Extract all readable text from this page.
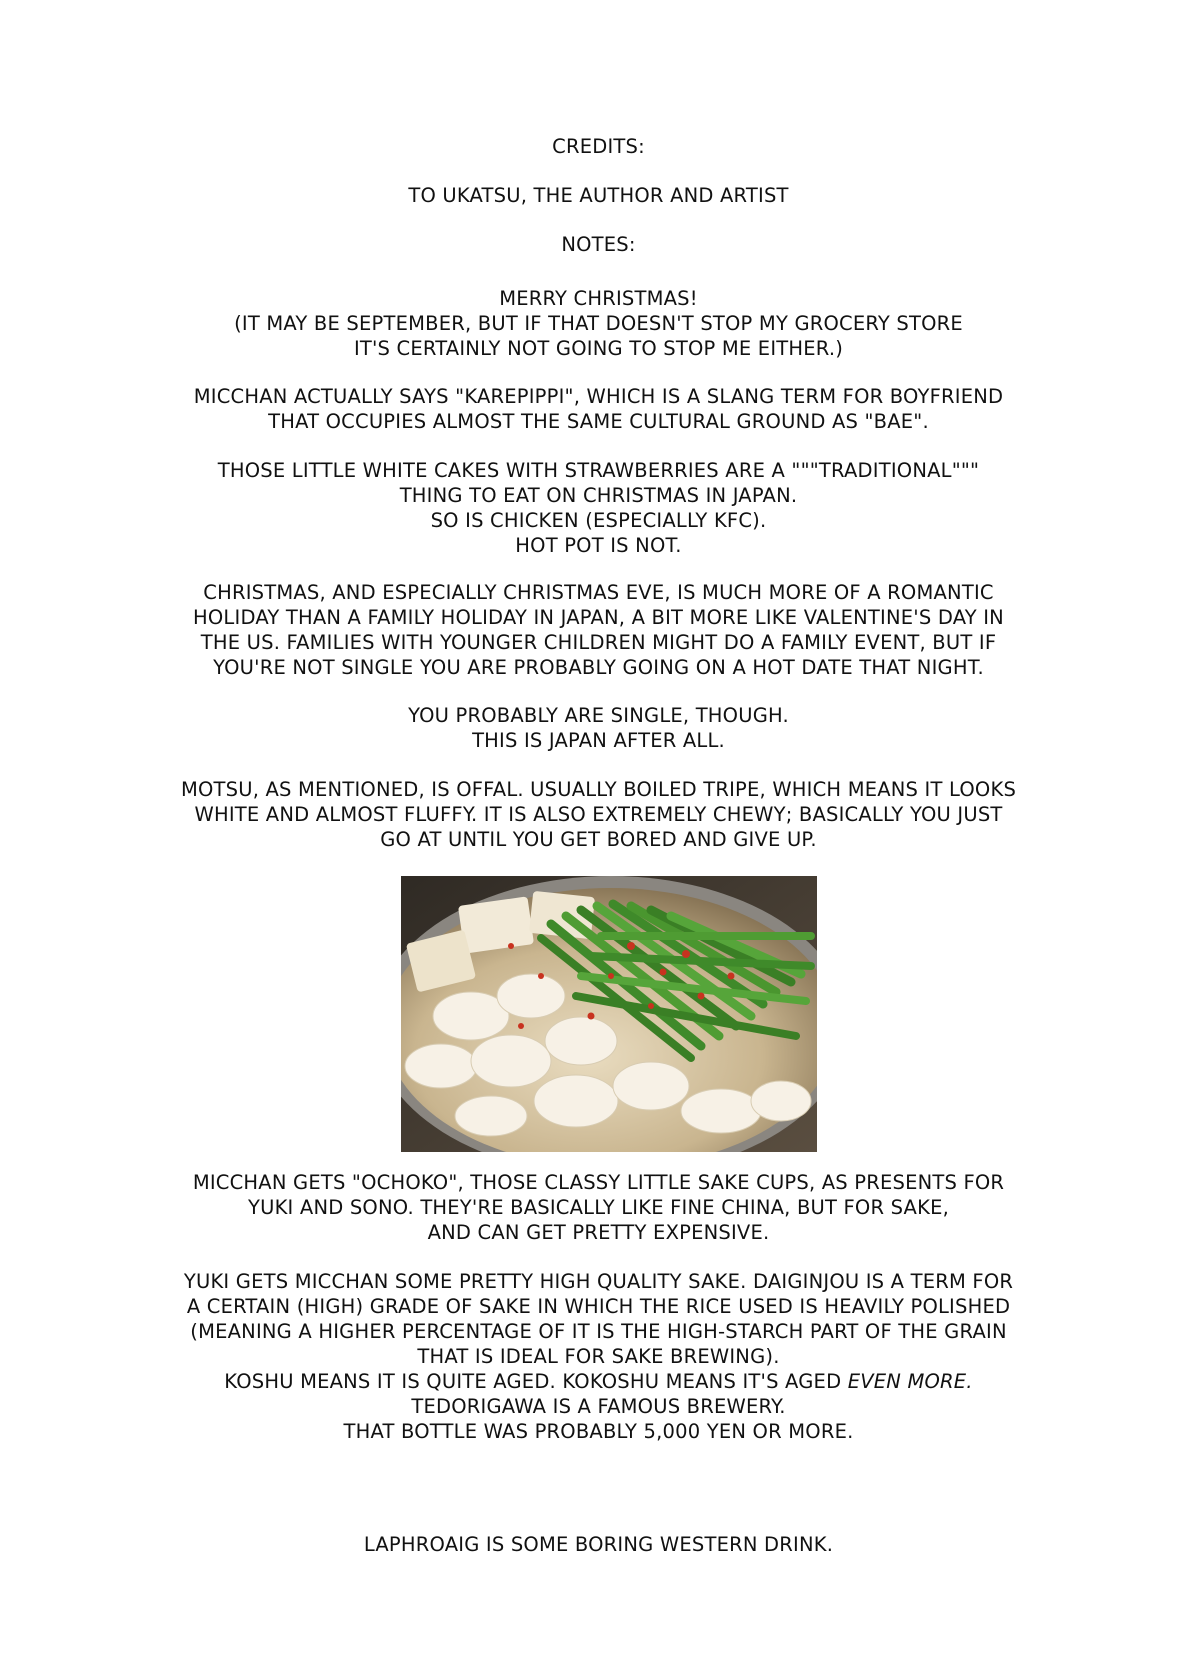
CREDITS:
TO UKATSU, THE AUTHOR AND ARTIST
NOTES:
MERRY CHRISTMAS!
(IT MAY BE SEPTEMBER, BUT IF THAT DOESN'T STOP MY GROCERY STORE
IT'S CERTAINLY NOT GOING TO STOP ME EITHER.)
MICCHAN ACTUALLY SAYS "KAREPIPPI", WHICH IS A SLANG TERM FOR BOYFRIEND
THAT OCCUPIES ALMOST THE SAME CULTURAL GROUND AS "BAE".
THOSE LITTLE WHITE CAKES WITH STRAWBERRIES ARE A """TRADITIONAL"""
THING TO EAT ON CHRISTMAS IN JAPAN.
SO IS CHICKEN (ESPECIALLY KFC).
HOT POT IS NOT.
CHRISTMAS, AND ESPECIALLY CHRISTMAS EVE, IS MUCH MORE OF A ROMANTIC
HOLIDAY THAN A FAMILY HOLIDAY IN JAPAN, A BIT MORE LIKE VALENTINE'S DAY IN
THE US. FAMILIES WITH YOUNGER CHILDREN MIGHT DO A FAMILY EVENT, BUT IF
YOU'RE NOT SINGLE YOU ARE PROBABLY GOING ON A HOT DATE THAT NIGHT.
YOU PROBABLY ARE SINGLE, THOUGH.
THIS IS JAPAN AFTER ALL.
MOTSU, AS MENTIONED, IS OFFAL. USUALLY BOILED TRIPE, WHICH MEANS IT LOOKS
WHITE AND ALMOST FLUFFY. IT IS ALSO EXTREMELY CHEWY; BASICALLY YOU JUST
GO AT UNTIL YOU GET BORED AND GIVE UP.
MICCHAN GETS "OCHOKO", THOSE CLASSY LITTLE SAKE CUPS, AS PRESENTS FOR
YUKI AND SONO. THEY'RE BASICALLY LIKE FINE CHINA, BUT FOR SAKE,
AND CAN GET PRETTY EXPENSIVE.
YUKI GETS MICCHAN SOME PRETTY HIGH QUALITY SAKE. DAIGINJOU IS A TERM FOR
A CERTAIN (HIGH) GRADE OF SAKE IN WHICH THE RICE USED IS HEAVILY POLISHED
(MEANING A HIGHER PERCENTAGE OF IT IS THE HIGH-STARCH PART OF THE GRAIN
THAT IS IDEAL FOR SAKE BREWING).
KOSHU MEANS IT IS QUITE AGED. KOKOSHU MEANS IT'S AGED EVEN MORE.
TEDORIGAWA IS A FAMOUS BREWERY.
THAT BOTTLE WAS PROBABLY 5,000 YEN OR MORE.
LAPHROAIG IS SOME BORING WESTERN DRINK.
